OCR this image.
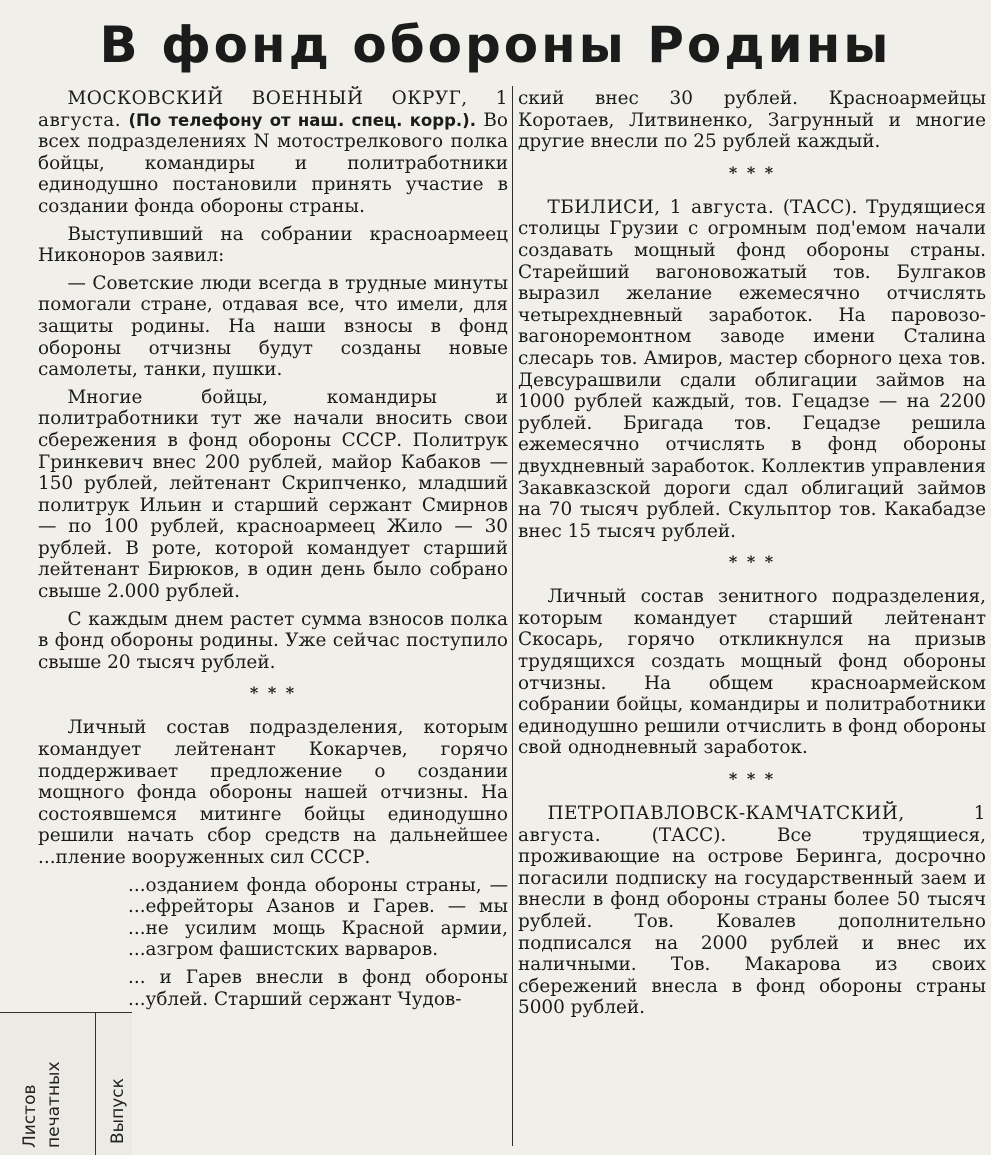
В фонд обороны Родины

МОСКОВСКИЙ ВОЕННЫЙ ОКРУГ, 1 августа. (По телефону от наш. спец. корр.). Во всех подразделениях N мотострелкового полка бойцы, командиры и политработники единодушно постановили принять участие в создании фонда обороны страны.

Выступивший на собрании красноармеец Никоноров заявил:

— Советские люди всегда в трудные минуты помогали стране, отдавая все, что имели, для защиты родины. На наши взносы в фонд обороны отчизны будут созданы новые самолеты, танки, пушки.

Многие бойцы, командиры и политработники тут же начали вносить свои сбережения в фонд обороны СССР. Политрук Гринкевич внес 200 рублей, майор Кабаков — 150 рублей, лейтенант Скрипченко, младший политрук Ильин и старший сержант Смирнов — по 100 рублей, красноармеец Жило — 30 рублей. В роте, которой командует старший лейтенант Бирюков, в один день было собрано свыше 2.000 рублей.

С каждым днем растет сумма взносов полка в фонд обороны родины. Уже сейчас поступило свыше 20 тысяч рублей.

* * *

Личный состав подразделения, которым командует лейтенант Кокарчев, горячо поддерживает предложение о создании мощного фонда обороны нашей отчизны. На состоявшемся митинге бойцы единодушно решили начать сбор средств на дальнейшее ...пление вооруженных сил СССР.

...озданием фонда обороны страны, — ...ефрейторы Азанов и Гарев. — мы ...не усилим мощь Красной армии, ...азгром фашистских варваров.

... и Гарев внесли в фонд обороны ...ублей. Старший сержант Чудов-

ский внес 30 рублей. Красноармейцы Коротаев, Литвиненко, Загрунный и многие другие внесли по 25 рублей каждый.

* * *

ТБИЛИСИ, 1 августа. (ТАСС). Трудящиеся столицы Грузии с огромным под'емом начали создавать мощный фонд обороны страны. Старейший вагоновожатый тов. Булгаков выразил желание ежемесячно отчислять четырехдневный заработок. На паровозо-вагоноремонтном заводе имени Сталина слесарь тов. Амиров, мастер сборного цеха тов. Девсурашвили сдали облигации займов на 1000 рублей каждый, тов. Гецадзе — на 2200 рублей. Бригада тов. Гецадзе решила ежемесячно отчислять в фонд обороны двухдневный заработок. Коллектив управления Закавказской дороги сдал облигаций займов на 70 тысяч рублей. Скульптор тов. Какабадзе внес 15 тысяч рублей.

* * *

Личный состав зенитного подразделения, которым командует старший лейтенант Скосарь, горячо откликнулся на призыв трудящихся создать мощный фонд обороны отчизны. На общем красноармейском собрании бойцы, командиры и политработники единодушно решили отчислить в фонд обороны свой однодневный заработок.

* * *

ПЕТРОПАВЛОВСК-КАМЧАТСКИЙ, 1 августа.	(ТАСС).	Все трудящиеся, проживающие на острове Беринга, досрочно погасили подписку на государственный заем и внесли в фонд обороны страны более 50 тысяч рублей. Тов. Ковалев дополнительно подписался на 2000 рублей и внес их наличными. Тов. Макарова из своих сбережений внесла в фонд обороны страны 5000 рублей.

Листов печатных	Выпуск
